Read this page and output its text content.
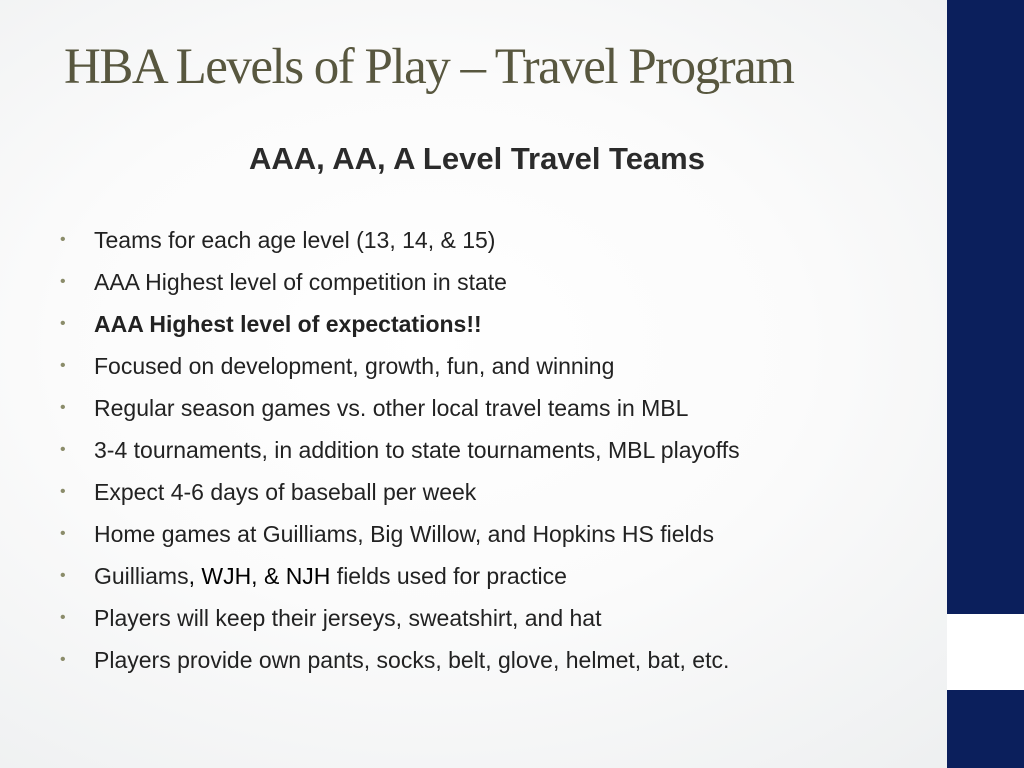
HBA Levels of Play – Travel Program
AAA, AA, A Level Travel Teams
•	Teams for each age level (13, 14, & 15)
•	AAA Highest level of competition in state
•	AAA Highest level of expectations!!
•	Focused on development, growth, fun, and winning
•	Regular season games vs. other local travel teams in MBL
•	3-4 tournaments, in addition to state tournaments, MBL playoffs
•	Expect 4-6 days of baseball per week
•	Home games at Guilliams, Big Willow, and Hopkins HS fields
•	Guilliams, WJH, & NJH fields used for practice
•	Players will keep their jerseys, sweatshirt, and hat
•	Players provide own pants, socks, belt, glove, helmet, bat, etc.
